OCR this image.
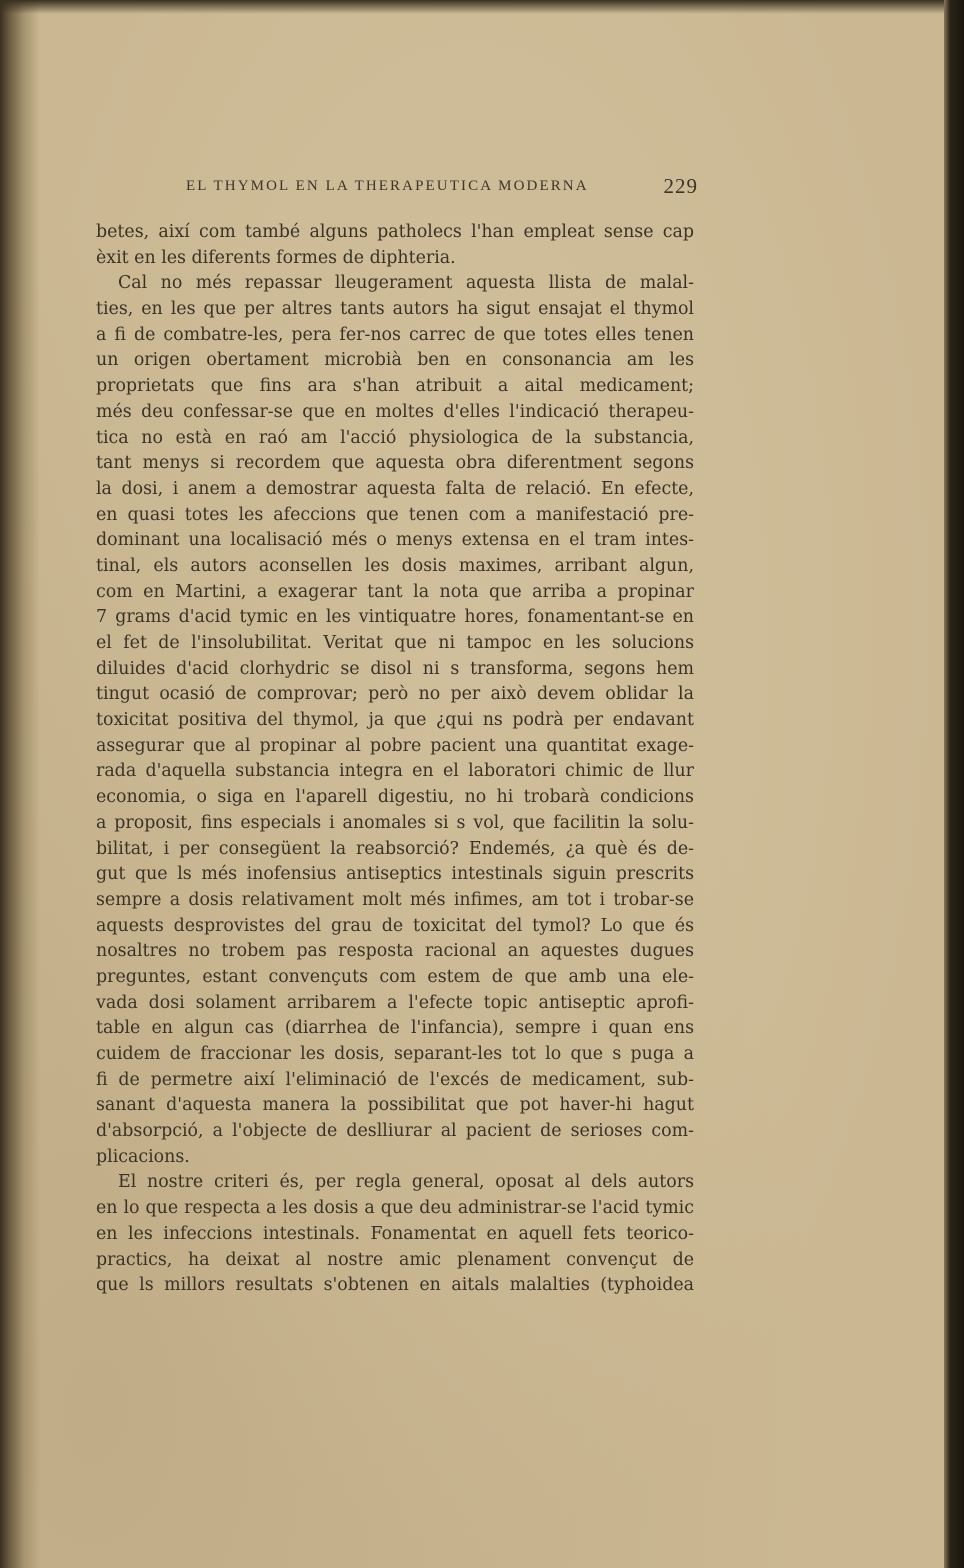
EL THYMOL EN LA THERAPEUTICA MODERNA	229
betes, així com també alguns patholecs l'han empleat sense cap
èxit en les diferents formes de diphteria.
Cal no més repassar lleugerament aquesta llista de malal-
ties, en les que per altres tants autors ha sigut ensajat el thymol
a fi de combatre-les, pera fer-nos carrec de que totes elles tenen
un origen obertament microbià ben en consonancia am les
proprietats que fins ara s'han atribuit a aital medicament;
més deu confessar-se que en moltes d'elles l'indicació therapeu-
tica no està en raó am l'acció physiologica de la substancia,
tant menys si recordem que aquesta obra diferentment segons
la dosi, i anem a demostrar aquesta falta de relació. En efecte,
en quasi totes les afeccions que tenen com a manifestació pre-
dominant una localisació més o menys extensa en el tram intes-
tinal, els autors aconsellen les dosis maximes, arribant algun,
com en Martini, a exagerar tant la nota que arriba a propinar
7 grams d'acid tymic en les vintiquatre hores, fonamentant-se en
el fet de l'insolubilitat. Veritat que ni tampoc en les solucions
diluides d'acid clorhydric se disol ni s transforma, segons hem
tingut ocasió de comprovar; però no per això devem oblidar la
toxicitat positiva del thymol, ja que ¿qui ns podrà per endavant
assegurar que al propinar al pobre pacient una quantitat exage-
rada d'aquella substancia integra en el laboratori chimic de llur
economia, o siga en l'aparell digestiu, no hi trobarà condicions
a proposit, fins especials i anomales si s vol, que facilitin la solu-
bilitat, i per consegüent la reabsorció? Endemés, ¿a què és de-
gut que ls més inofensius antiseptics intestinals siguin prescrits
sempre a dosis relativament molt més infimes, am tot i trobar-se
aquests desprovistes del grau de toxicitat del tymol? Lo que és
nosaltres no trobem pas resposta racional an aquestes dugues
preguntes, estant convençuts com estem de que amb una ele-
vada dosi solament arribarem a l'efecte topic antiseptic aprofi-
table en algun cas (diarrhea de l'infancia), sempre i quan ens
cuidem de fraccionar les dosis, separant-les tot lo que s puga a
fi de permetre així l'eliminació de l'excés de medicament, sub-
sanant d'aquesta manera la possibilitat que pot haver-hi hagut
d'absorpció, a l'objecte de deslliurar al pacient de serioses com-
plicacions.
El nostre criteri és, per regla general, oposat al dels autors
en lo que respecta a les dosis a que deu administrar-se l'acid tymic
en les infeccions intestinals. Fonamentat en aquell fets teorico-
practics, ha deixat al nostre amic plenament convençut de
que ls millors resultats s'obtenen en aitals malalties (typhoidea
